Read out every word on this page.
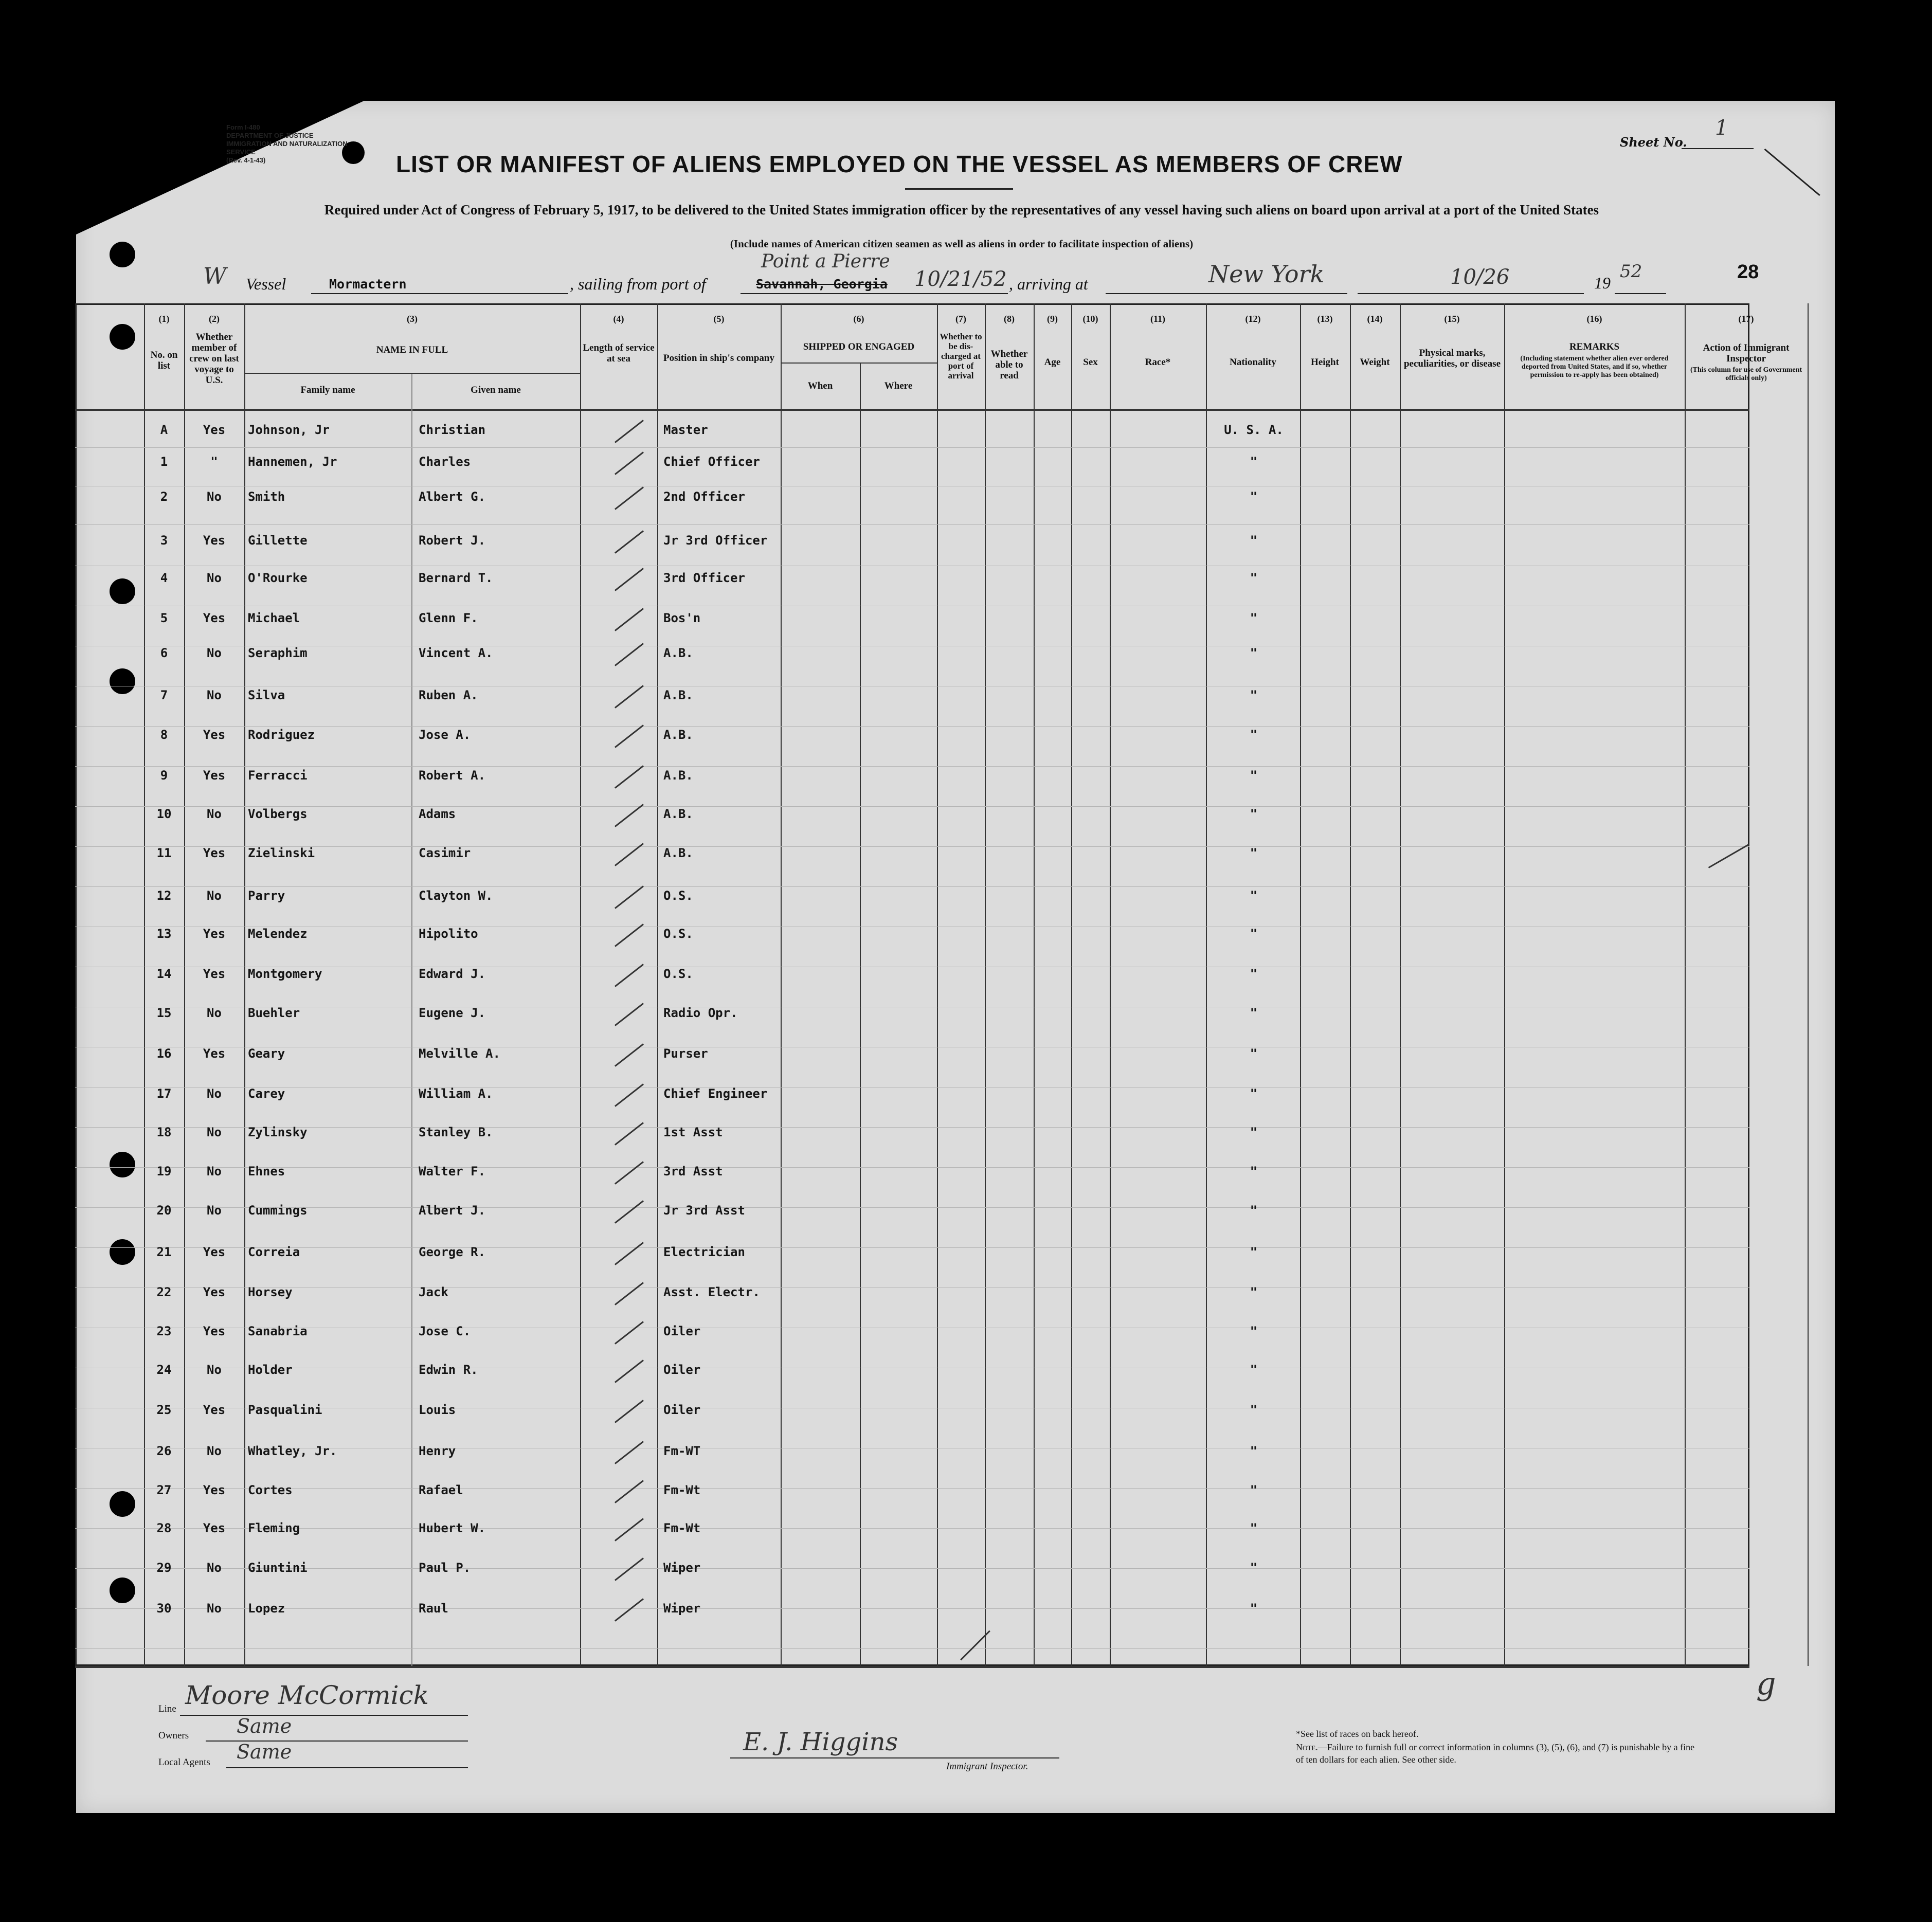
Form I-480
DEPARTMENT OF JUSTICE
IMMIGRATION AND NATURALIZATION SERVICE
(Rev. 4-1-43)	LIST OR MANIFEST OF ALIENS EMPLOYED ON THE VESSEL AS MEMBERS OF CREW
Sheet No.
1
Required under Act of Congress of February 5, 1917, to be delivered to the United States immigration officer by the representatives of any vessel having such aliens on board upon arrival at a port of the United States
(Include names of American citizen seamen as well as aliens in order to facilitate inspection of aliens)
W Vessel	Mormactern	, sailing from port of	Savannah, Georgia
Point a Pierre
10/21/52 , arriving at	New York	10/26	19
52	28
(1)	(2)	(3)	(4)	(5)	(6)	(7)	(8)	(9)	(10)	(11)	(12)	(13)	(14)	(15)	(16)	(17)
No. on list
Whether member of crew on last voyage to U.S.
NAME IN FULL
Family name	Given name
Length of service at sea	Position in ship's company
SHIPPED OR ENGAGED
When	Where
Whether to be dis-charged at port of arrival
Whether able to read
Age	Sex	Race*	Nationality	Height	Weight
Physical marks, peculiarities, or disease
REMARKS
(Including statement whether alien ever ordered deported from United States, and if so, whether permission to re-apply has been obtained)
Action of Immigrant Inspector
(This column for use of Government officials only)
A	Yes	Johnson, Jr	Christian	Master	U. S. A.
1	"	Hannemen, Jr	Charles	Chief Officer	"
2	No	Smith	Albert G.	2nd Officer	"
3	Yes	Gillette	Robert J.	Jr 3rd Officer	"
4	No	O'Rourke	Bernard T.	3rd Officer	"
5	Yes	Michael	Glenn F.	Bos'n	"
6	No	Seraphim	Vincent A.	A.B.	"
7	No	Silva	Ruben A.	A.B.	"
8	Yes	Rodriguez	Jose A.	A.B.	"
9	Yes	Ferracci	Robert A.	A.B.	"
10	No	Volbergs	Adams	A.B.	"
11	Yes	Zielinski	Casimir	A.B.	"
12	No	Parry	Clayton W.	O.S.	"
13	Yes	Melendez	Hipolito	O.S.	"
14	Yes	Montgomery	Edward J.	O.S.	"
15	No	Buehler	Eugene J.	Radio Opr.	"
16	Yes	Geary	Melville A.	Purser	"
17	No	Carey	William A.	Chief Engineer	"
18	No	Zylinsky	Stanley B.	1st Asst	"
19	No	Ehnes	Walter F.	3rd Asst	"
20	No	Cummings	Albert J.	Jr 3rd Asst	"
21	Yes	Correia	George R.	Electrician	"
22	Yes	Horsey	Jack	Asst. Electr.	"
23	Yes	Sanabria	Jose C.	Oiler	"
24	No	Holder	Edwin R.	Oiler	"
25	Yes	Pasqualini	Louis	Oiler	"
26	No	Whatley, Jr.	Henry	Fm-WT	"
27	Yes	Cortes	Rafael	Fm-Wt	"
28	Yes	Fleming	Hubert W.	Fm-Wt	"
29	No	Giuntini	Paul P.	Wiper	"
30	No	Lopez	Raul	Wiper	"
Line Moore McCormick
Owners Same
Local Agents Same	E. J. Higgins
Immigrant Inspector.
*See list of races on back hereof.
Note.—Failure to furnish full or correct information in columns (3), (5), (6), and (7) is punishable by a fine of ten dollars for each alien. See other side.
g
